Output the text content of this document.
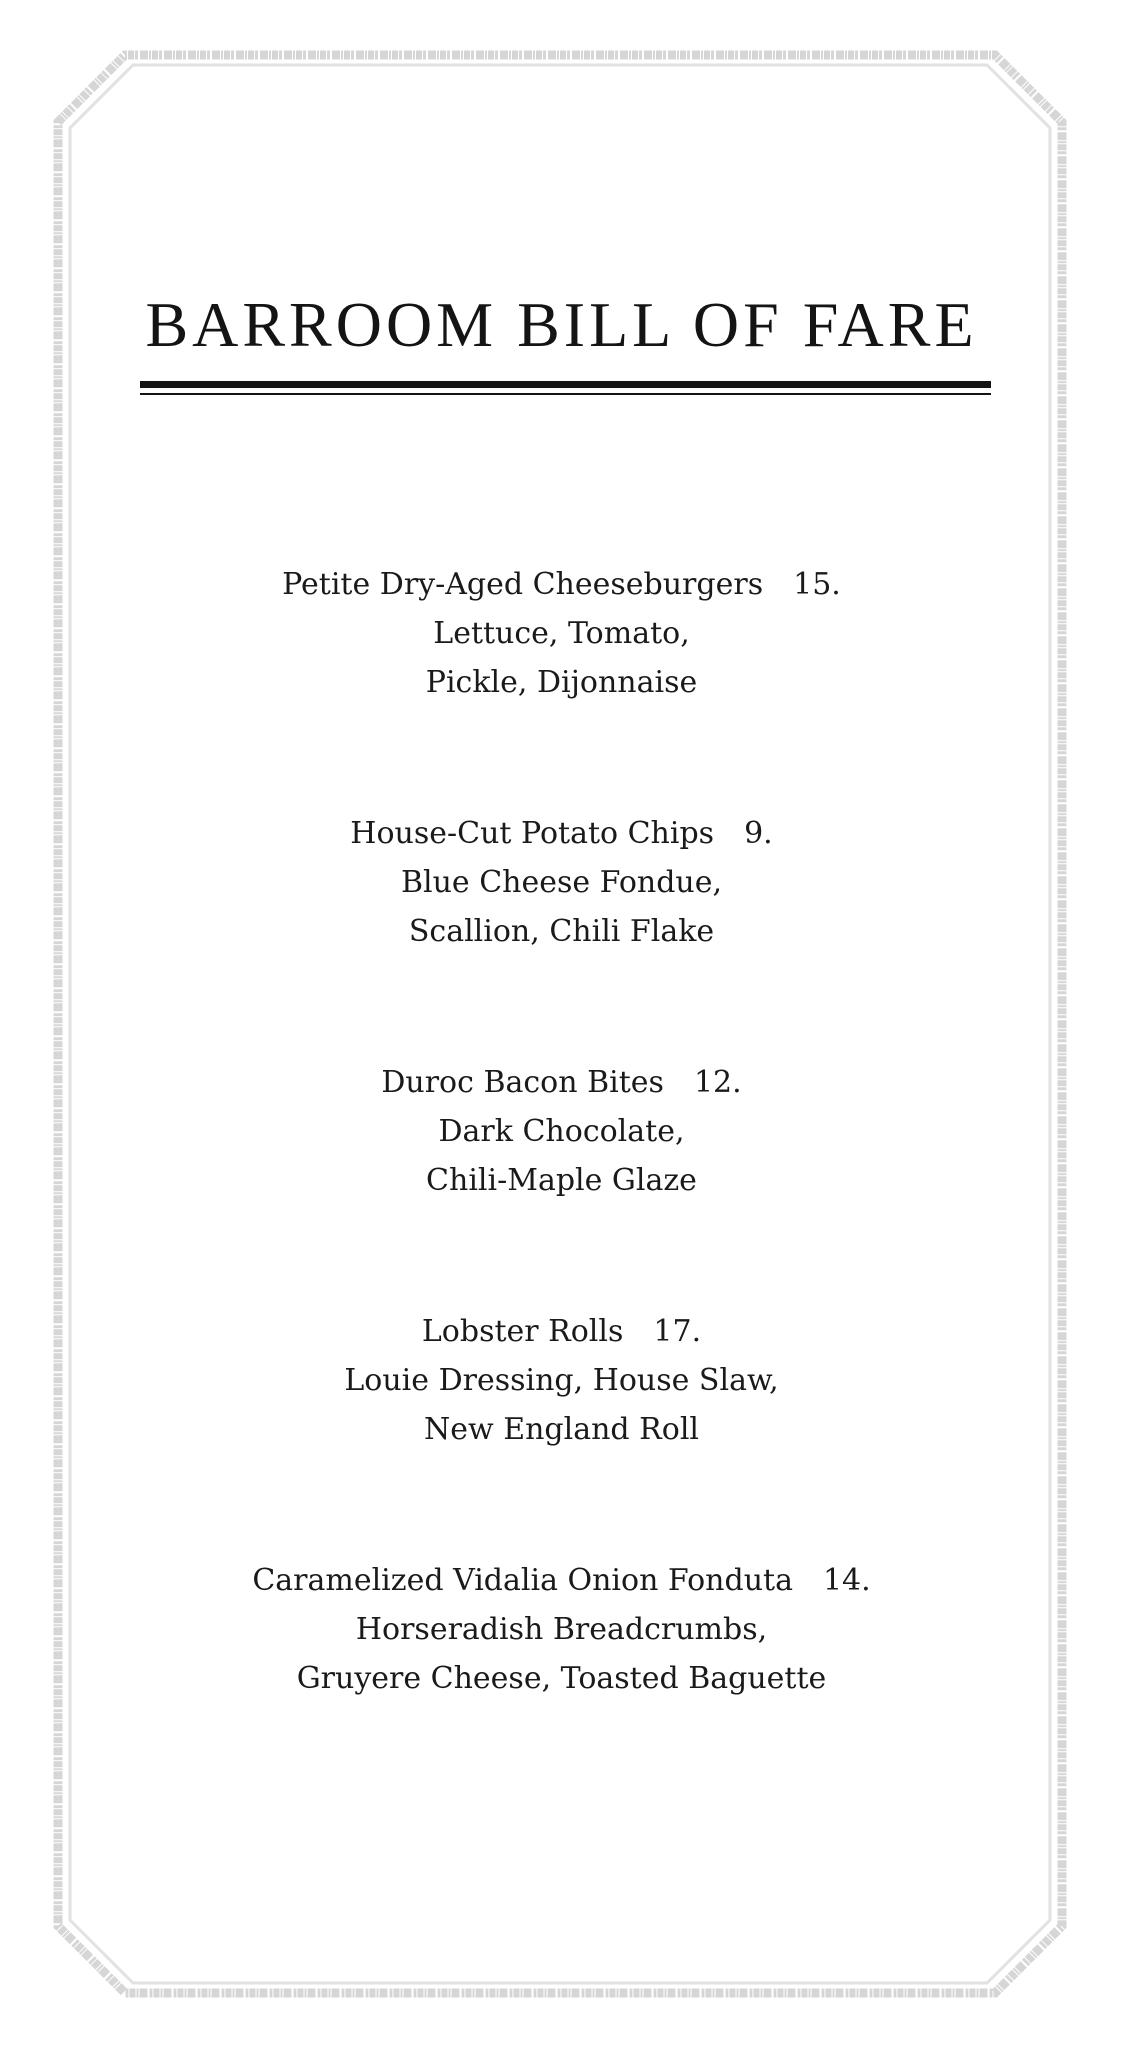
BARROOM BILL OF FARE
Petite Dry-Aged Cheeseburgers 15.
Lettuce, Tomato,
Pickle, Dijonnaise
House-Cut Potato Chips 9.
Blue Cheese Fondue,
Scallion, Chili Flake
Duroc Bacon Bites 12.
Dark Chocolate,
Chili-Maple Glaze
Lobster Rolls 17.
Louie Dressing, House Slaw,
New England Roll
Caramelized Vidalia Onion Fonduta 14.
Horseradish Breadcrumbs,
Gruyere Cheese, Toasted Baguette
